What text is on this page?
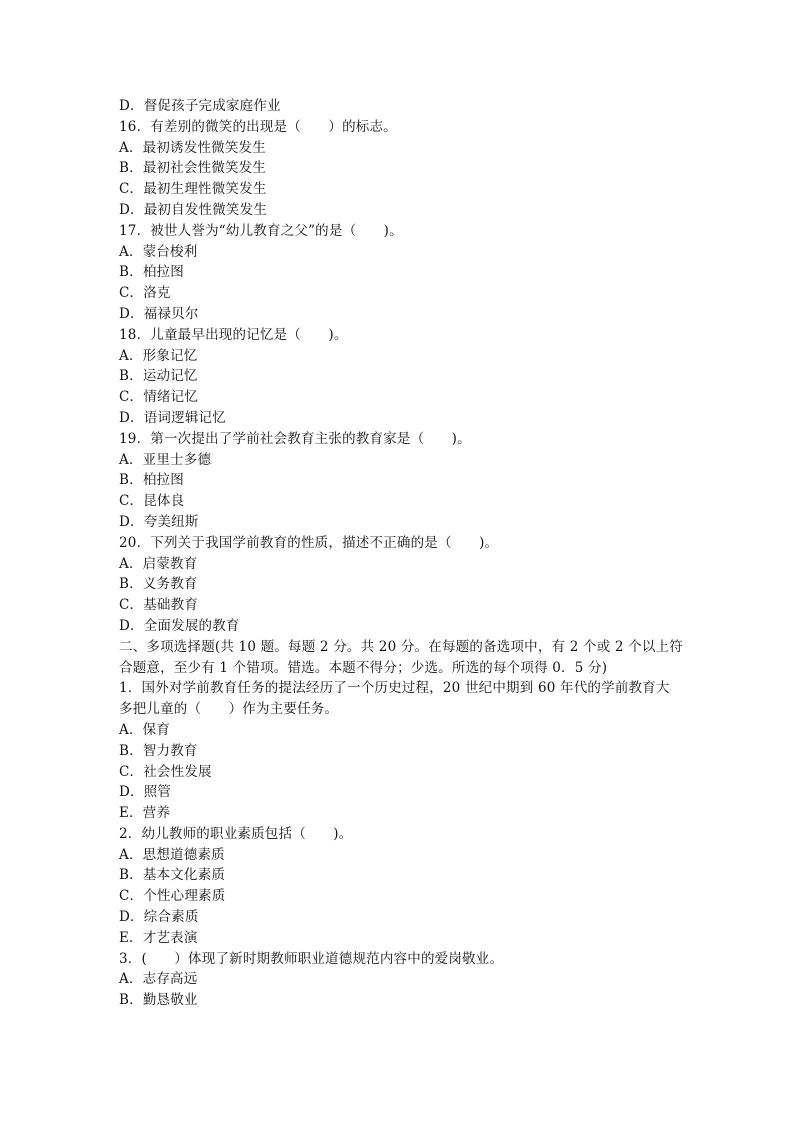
D．督促孩子完成家庭作业
16．有差别的微笑的出现是（　　）的标志。
A．最初诱发性微笑发生
B．最初社会性微笑发生
C．最初生理性微笑发生
D．最初自发性微笑发生
17．被世人誉为“幼儿教育之父”的是（　　)。
A．蒙台梭利
B．柏拉图
C．洛克
D．福禄贝尔
18．儿童最早出现的记忆是（　　)。
A．形象记忆
B．运动记忆
C．情绪记忆
D．语词逻辑记忆
19．第一次提出了学前社会教育主张的教育家是（　　)。
A．亚里士多德
B．柏拉图
C．昆体良
D．夸美纽斯
20．下列关于我国学前教育的性质，描述不正确的是（　　)。
A．启蒙教育
B．义务教育
C．基础教育
D．全面发展的教育
二、多项选择题(共 10 题。每题 2 分。共 20 分。在每题的备选项中，有 2 个或 2 个以上符
合题意，至少有 1 个错项。错选。本题不得分；少选。所选的每个项得 0．5 分)
1．国外对学前教育任务的提法经历了一个历史过程，20 世纪中期到 60 年代的学前教育大
多把儿童的（　　）作为主要任务。
A．保育
B．智力教育
C．社会性发展
D．照管
E．营养
2．幼儿教师的职业素质包括（　　)。
A．思想道德素质
B．基本文化素质
C．个性心理素质
D．综合素质
E．才艺表演
3．(　　）体现了新时期教师职业道德规范内容中的爱岗敬业。
A．志存高远
B．勤恳敬业
